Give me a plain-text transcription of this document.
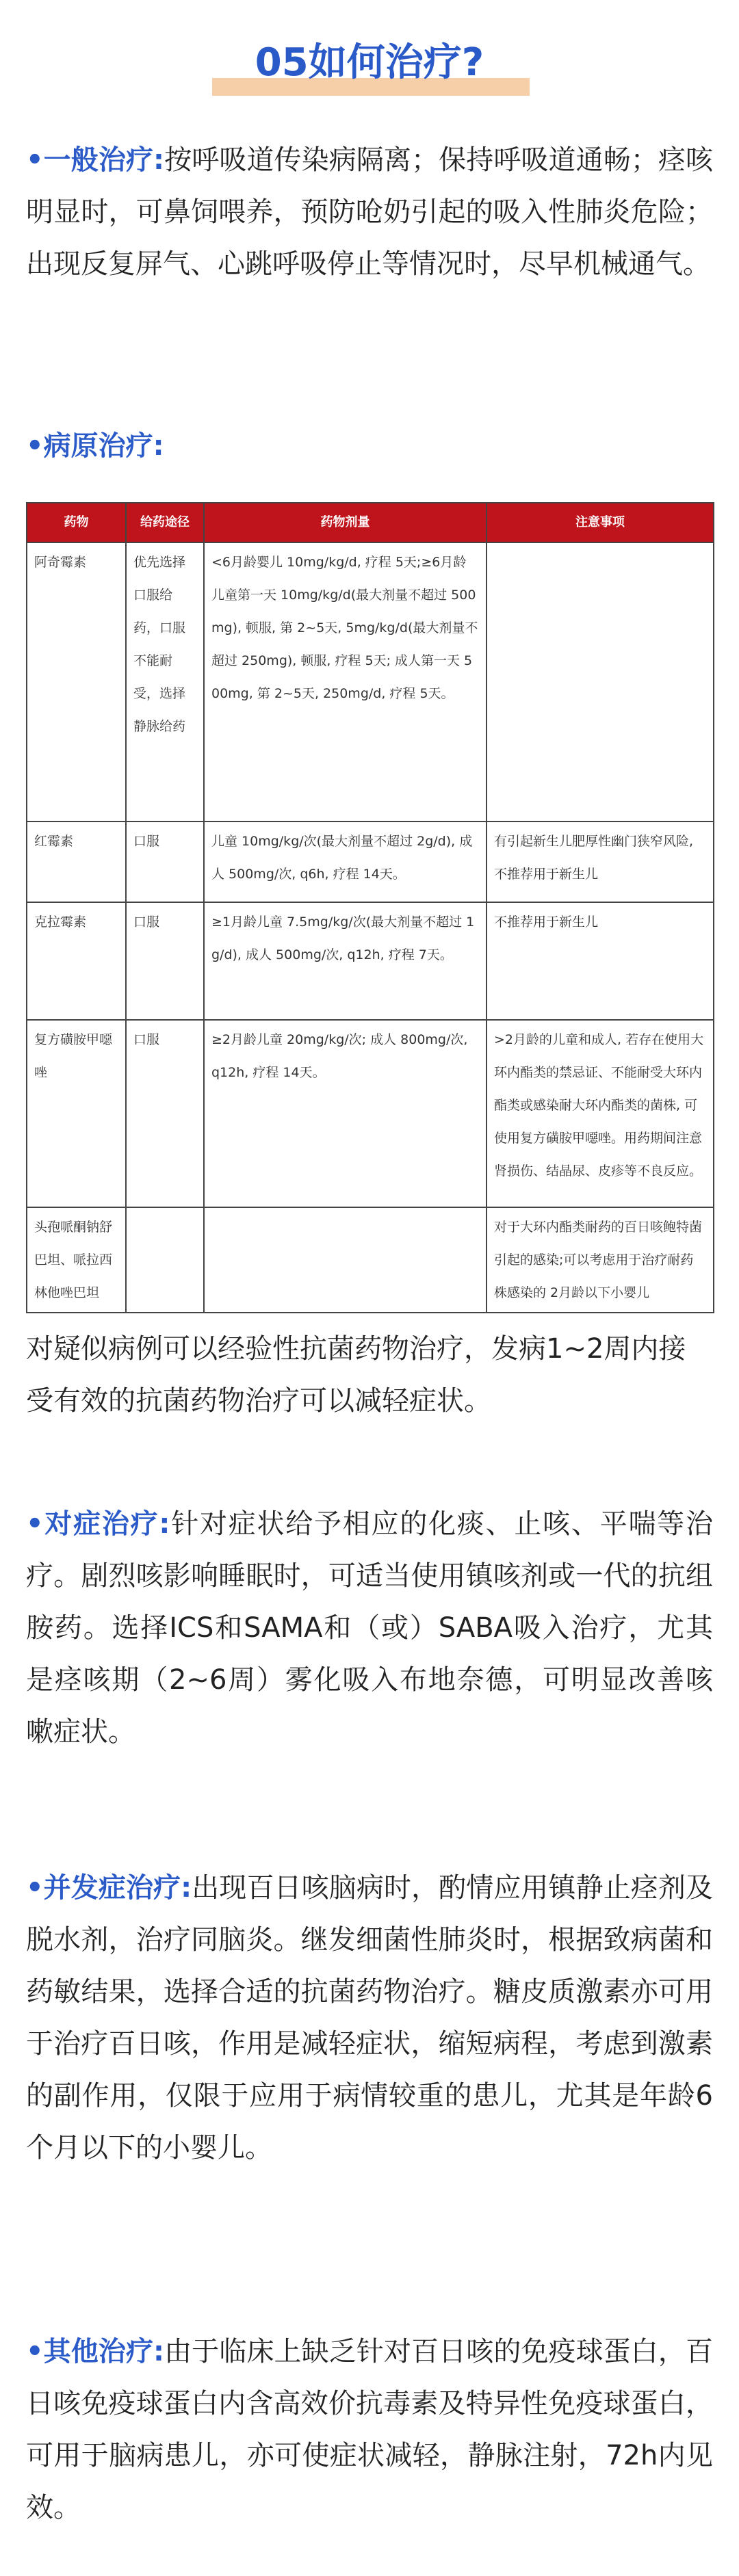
05如何治疗?
•一般治疗:按呼吸道传染病隔离；保持呼吸道通畅；痉咳明显时，可鼻饲喂养，预防呛奶引起的吸入性肺炎危险；出现反复屏气、心跳呼吸停止等情况时，尽早机械通气。
•病原治疗:
药物	给药途径	药物剂量	注意事项
阿奇霉素	优先选择口服给药，口服不能耐受，选择静脉给药	<6月龄婴儿 10mg/kg/d, 疗程 5天;≥6月龄儿童第一天 10mg/kg/d(最大剂量不超过 500mg), 顿服, 第 2~5天, 5mg/kg/d(最大剂量不超过 250mg), 顿服, 疗程 5天; 成人第一天 500mg, 第 2~5天, 250mg/d, 疗程 5天。	
红霉素	口服	儿童 10mg/kg/次(最大剂量不超过 2g/d), 成人 500mg/次, q6h, 疗程 14天。	有引起新生儿肥厚性幽门狭窄风险, 不推荐用于新生儿
克拉霉素	口服	≥1月龄儿童 7.5mg/kg/次(最大剂量不超过 1g/d), 成人 500mg/次, q12h, 疗程 7天。	不推荐用于新生儿
复方磺胺甲噁唑	口服	≥2月龄儿童 20mg/kg/次; 成人 800mg/次, q12h, 疗程 14天。	>2月龄的儿童和成人, 若存在使用大环内酯类的禁忌证、不能耐受大环内酯类或感染耐大环内酯类的菌株, 可使用复方磺胺甲噁唑。用药期间注意肾损伤、结晶尿、皮疹等不良反应。
头孢哌酮钠舒巴坦、哌拉西林他唑巴坦			对于大环内酯类耐药的百日咳鲍特菌引起的感染;可以考虑用于治疗耐药株感染的 2月龄以下小婴儿
对疑似病例可以经验性抗菌药物治疗，发病1~2周内接受有效的抗菌药物治疗可以减轻症状。
•对症治疗:针对症状给予相应的化痰、止咳、平喘等治疗。剧烈咳影响睡眠时，可适当使用镇咳剂或一代的抗组胺药。选择ICS和SAMA和（或）SABA吸入治疗，尤其是痉咳期（2~6周）雾化吸入布地奈德，可明显改善咳嗽症状。
•并发症治疗:出现百日咳脑病时，酌情应用镇静止痉剂及脱水剂，治疗同脑炎。继发细菌性肺炎时，根据致病菌和药敏结果，选择合适的抗菌药物治疗。糖皮质激素亦可用于治疗百日咳，作用是减轻症状，缩短病程，考虑到激素的副作用，仅限于应用于病情较重的患儿，尤其是年龄6个月以下的小婴儿。
•其他治疗:由于临床上缺乏针对百日咳的免疫球蛋白，百日咳免疫球蛋白内含高效价抗毒素及特异性免疫球蛋白，可用于脑病患儿，亦可使症状减轻，静脉注射，72h内见效。
